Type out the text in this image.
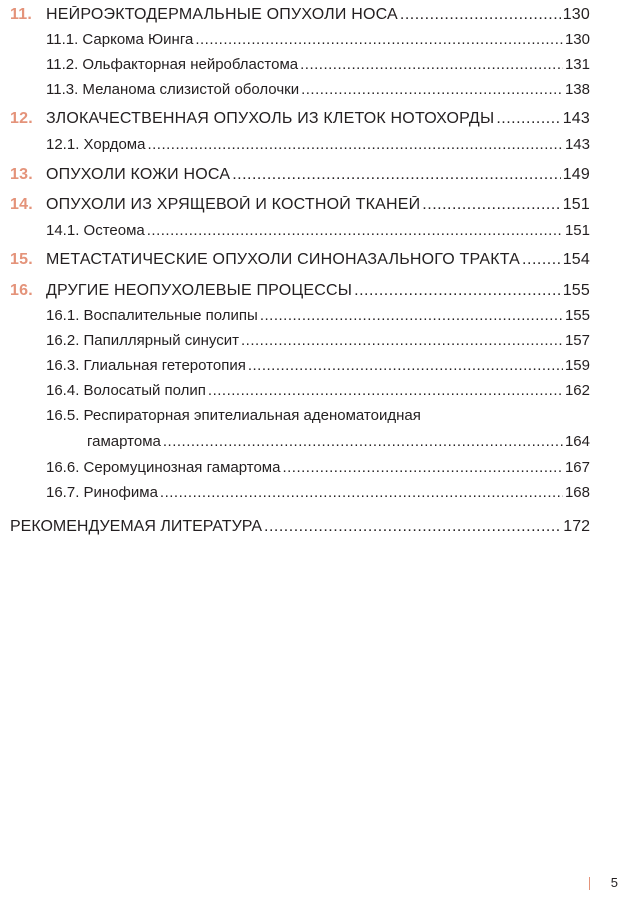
11. НЕЙРОЭКТОДЕРМАЛЬНЫЕ ОПУХОЛИ НОСА .....	130
11.1. Саркома Юинга .....	130
11.2. Ольфакторная нейробластома .....	131
11.3. Меланома слизистой оболочки .....	138
12. ЗЛОКАЧЕСТВЕННАЯ ОПУХОЛЬ ИЗ КЛЕТОК НОТОХОРДЫ .....	143
12.1. Хордома .....	143
13. ОПУХОЛИ КОЖИ НОСА .....	149
14. ОПУХОЛИ ИЗ ХРЯЩЕВОЙ И КОСТНОЙ ТКАНЕЙ .....	151
14.1. Остеома .....	151
15. МЕТАСТАТИЧЕСКИЕ ОПУХОЛИ СИНОНАЗАЛЬНОГО ТРАКТА .....	154
16. ДРУГИЕ НЕОПУХОЛЕВЫЕ ПРОЦЕССЫ .....	155
16.1. Воспалительные полипы .....	155
16.2. Папиллярный синусит .....	157
16.3. Глиальная гетеротопия .....	159
16.4. Волосатый полип .....	162
16.5. Респираторная эпителиальная аденоматоидная
гамартома .....	164
16.6. Серомуцинозная гамартома .....	167
16.7. Ринофима .....	168
РЕКОМЕНДУЕМАЯ ЛИТЕРАТУРА .....	172
5
